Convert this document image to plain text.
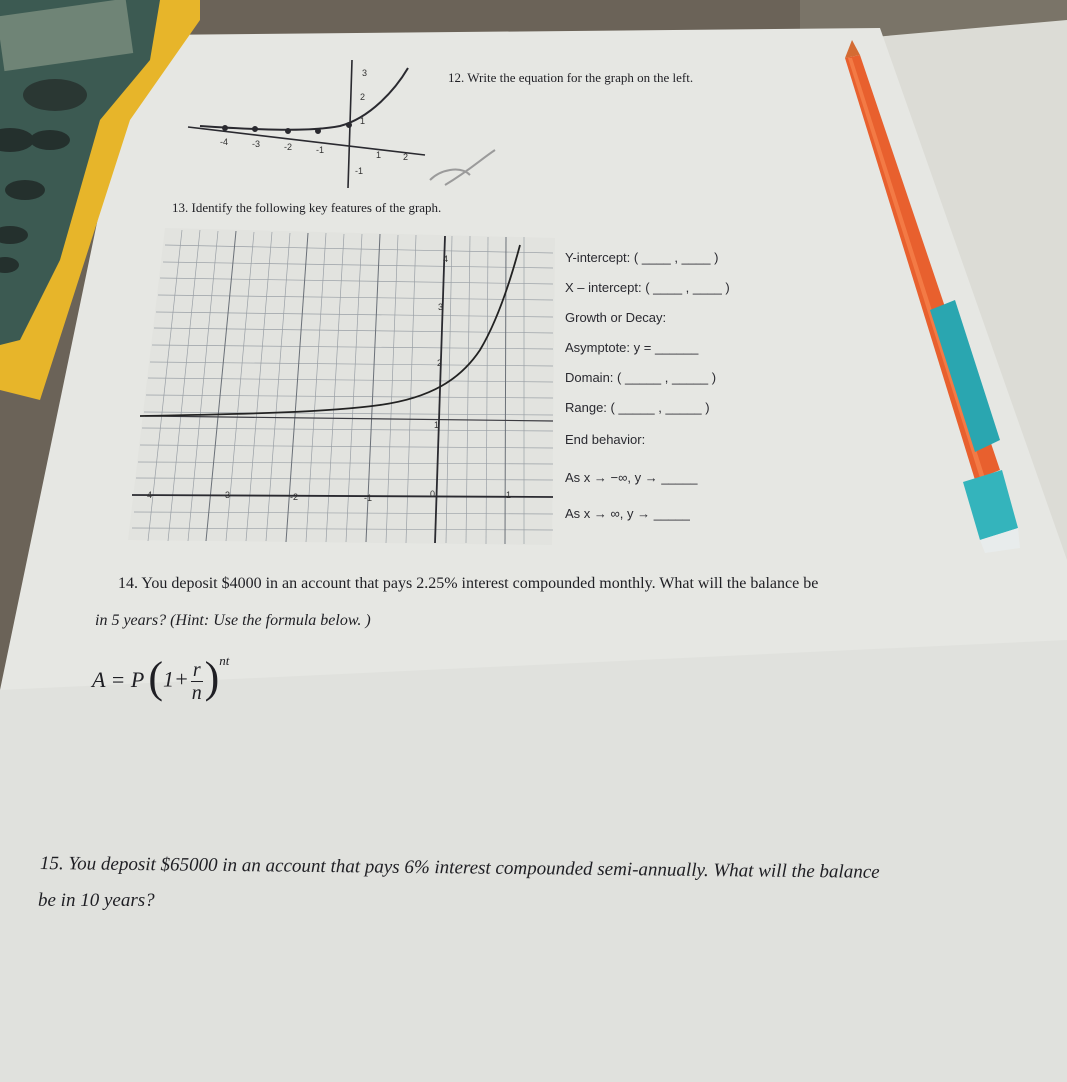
-4	-3	-2	-1	1 2
3
2
1
-1
-4	-3	-2	-1	0	1
4
3
2
1
12. Write the equation for the graph on the left.
13. Identify the following key features of the graph.
Y-intercept: ( ____ , ____ )
X – intercept: ( ____ , ____ )
Growth or Decay:
Asymptote: y = ______
Domain: ( _____ , _____ )
Range: ( _____ , _____ )
End behavior:
As x → −∞, y → _____
As x → ∞, y → _____
14. You deposit $4000 in an account that pays 2.25% interest compounded monthly. What will the balance be
in 5 years? (Hint: Use the formula below. )
$A = P(1+ \frac{r}{n} )^{nt}$
15. You deposit $65000 in an account that pays 6% interest compounded semi-annually. What will the balance
be in 10 years?
